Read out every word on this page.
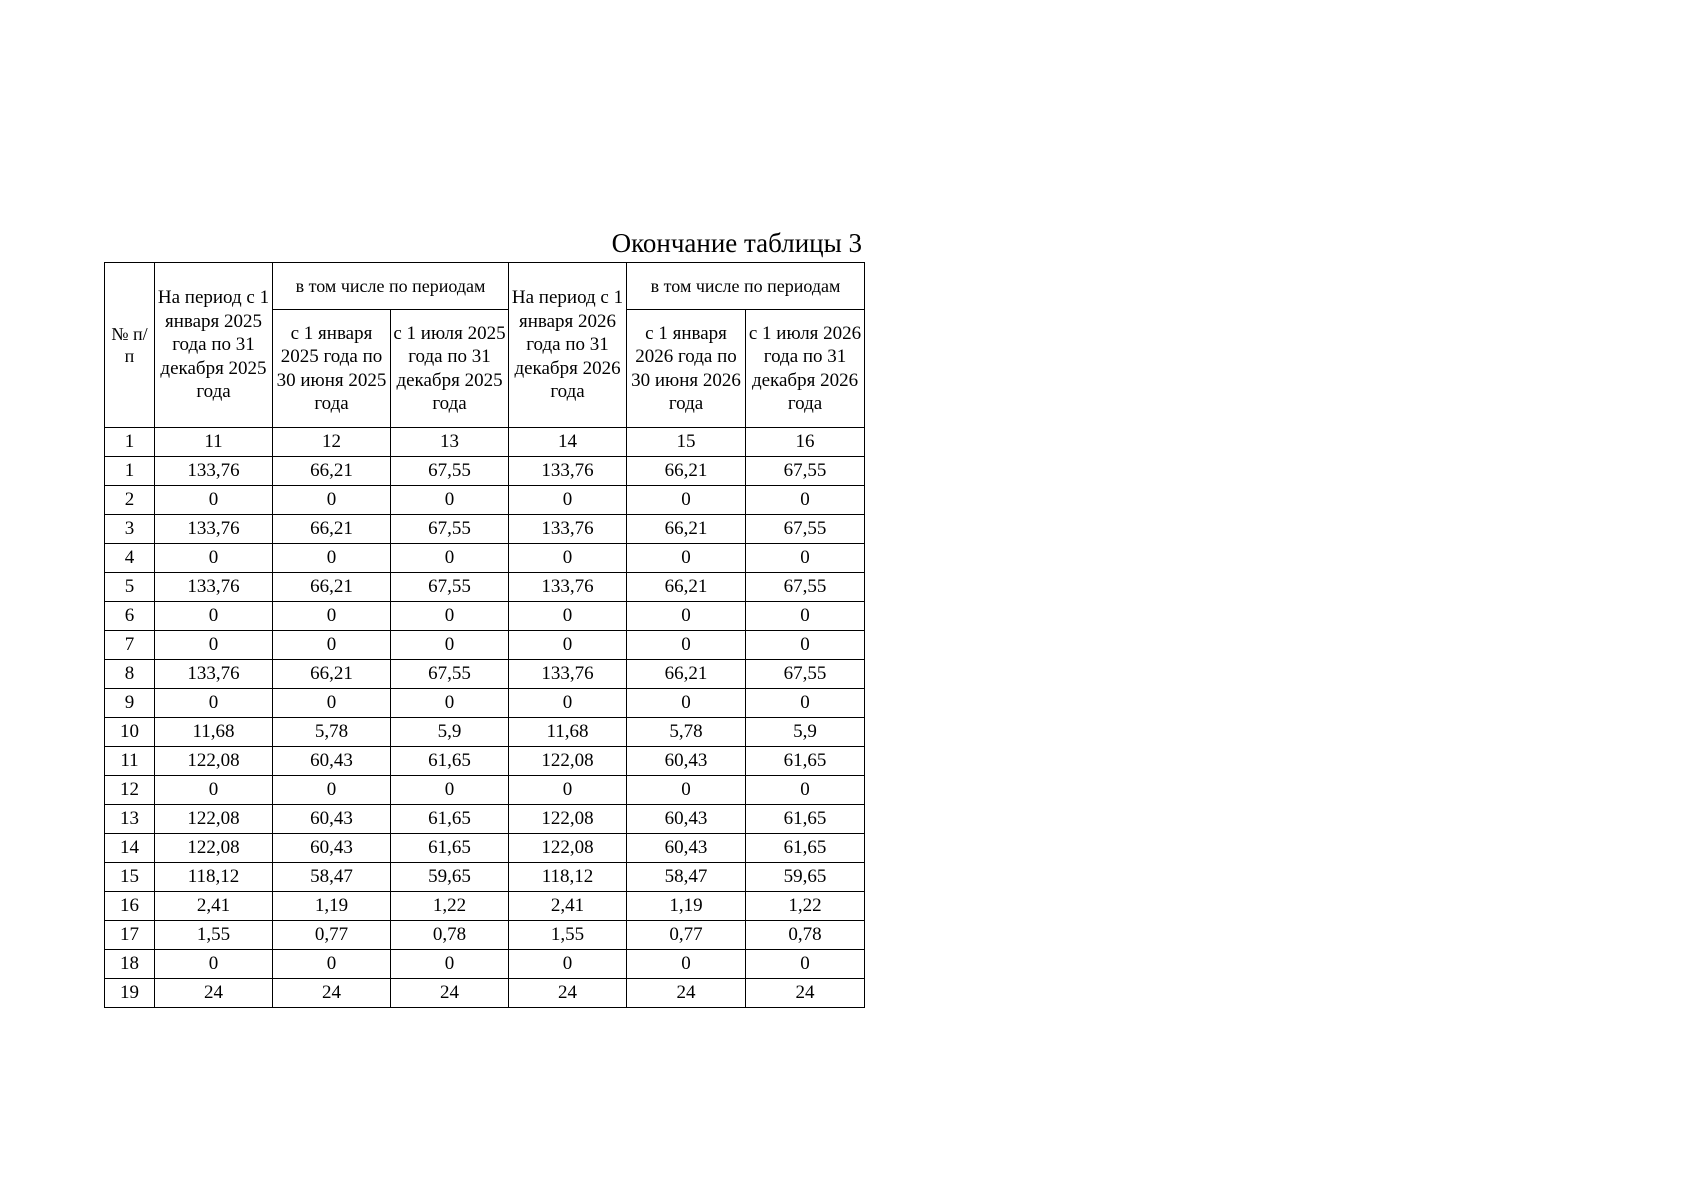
Окончание таблицы 3
№ п/п	На период с 1 января 2025 года по 31 декабря 2025 года	в том числе по периодам		На период с 1 января 2026 года по 31 декабря 2026 года	в том числе по периодам	
		с 1 января 2025 года по 30 июня 2025 года	с 1 июля 2025 года по 31 декабря 2025 года		с 1 января 2026 года по 30 июня 2026 года	с 1 июля 2026 года по 31 декабря 2026 года
1	11	12	13	14	15	16
1	133,76	66,21	67,55	133,76	66,21	67,55
2	0	0	0	0	0	0
3	133,76	66,21	67,55	133,76	66,21	67,55
4	0	0	0	0	0	0
5	133,76	66,21	67,55	133,76	66,21	67,55
6	0	0	0	0	0	0
7	0	0	0	0	0	0
8	133,76	66,21	67,55	133,76	66,21	67,55
9	0	0	0	0	0	0
10	11,68	5,78	5,9	11,68	5,78	5,9
11	122,08	60,43	61,65	122,08	60,43	61,65
12	0	0	0	0	0	0
13	122,08	60,43	61,65	122,08	60,43	61,65
14	122,08	60,43	61,65	122,08	60,43	61,65
15	118,12	58,47	59,65	118,12	58,47	59,65
16	2,41	1,19	1,22	2,41	1,19	1,22
17	1,55	0,77	0,78	1,55	0,77	0,78
18	0	0	0	0	0	0
19	24	24	24	24	24	24
